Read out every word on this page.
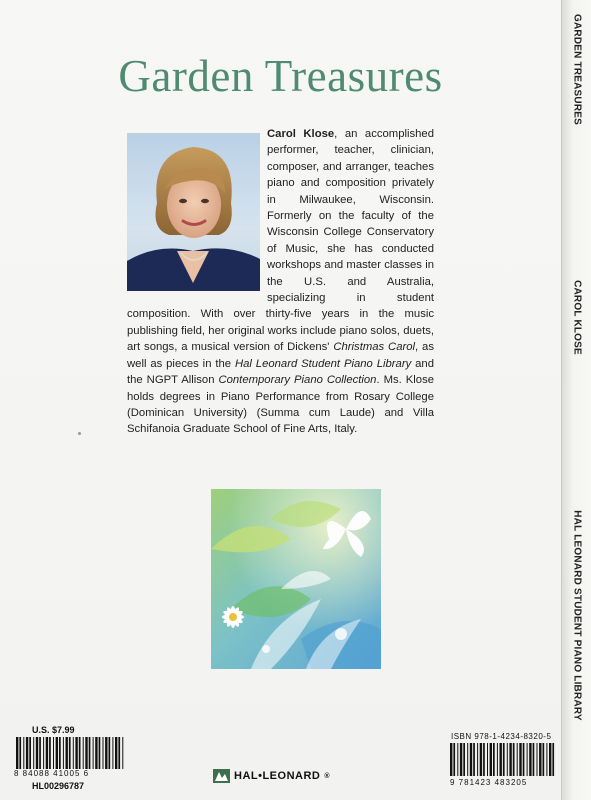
Garden Treasures
Carol Klose, an accomplished performer, teacher, clinician, composer, and arranger, teaches piano and composition privately in Milwaukee, Wisconsin. Formerly on the faculty of the Wisconsin College Conservatory of Music, she has conducted workshops and master classes in the U.S. and Australia, specializing in student composition. With over thirty-five years in the music publishing field, her original works include piano solos, duets, art songs, a musical version of Dickens' Christmas Carol, as well as pieces in the Hal Leonard Student Piano Library and the NGPT Allison Contemporary Piano Collection. Ms. Klose holds degrees in Piano Performance from Rosary College (Dominican University) (Summa cum Laude) and Villa Schifanoia Graduate School of Fine Arts, Italy.
U.S. $7.99
8 84088 41005 6
HL00296787
HAL•LEONARD ®
ISBN 978-1-4234-8320-5
9 781423 483205
GARDEN TREASURES
CAROL KLOSE
HAL LEONARD STUDENT PIANO LIBRARY
